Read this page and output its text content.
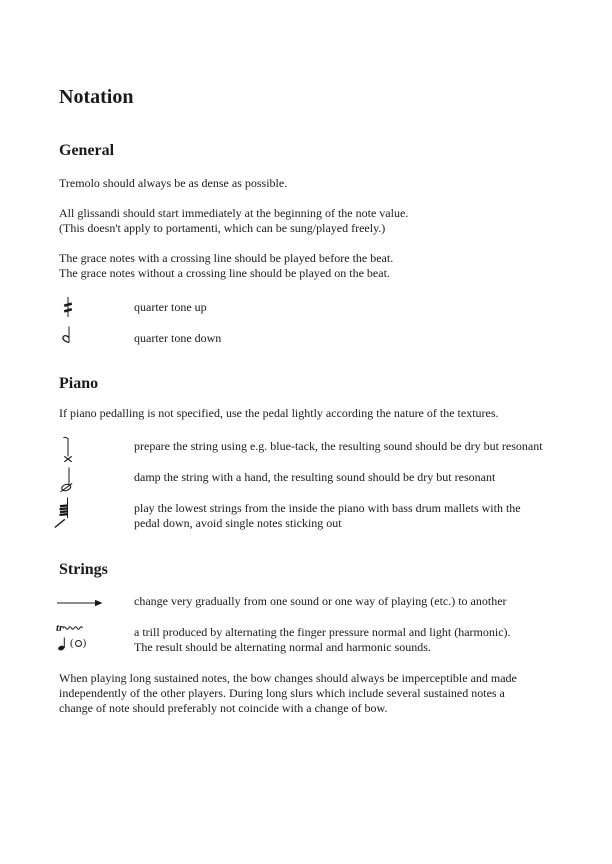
Notation
General

Tremolo should always be as dense as possible.

All glissandi should start immediately at the beginning of the note value.
(This doesn't apply to portamenti, which can be sung/played freely.)

The grace notes with a crossing line should be played before the beat.
The grace notes without a crossing line should be played on the beat.

quarter tone up
quarter tone down
Piano

If piano pedalling is not specified, use the pedal lightly according the nature of the textures.

prepare the string using e.g. blue-tack, the resulting sound should be dry but resonant
damp the string with a hand, the resulting sound should be dry but resonant
play the lowest strings from the inside the piano with bass drum mallets with the
pedal down, avoid single notes sticking out
Strings
change very gradually from one sound or one way of playing (etc.) to another
tr
( )
a trill produced by alternating the finger pressure normal and light (harmonic).
The result should be alternating normal and harmonic sounds.

When playing long sustained notes, the bow changes should always be imperceptible and made
independently of the other players. During long slurs which include several sustained notes a
change of note should preferably not coincide with a change of bow.
